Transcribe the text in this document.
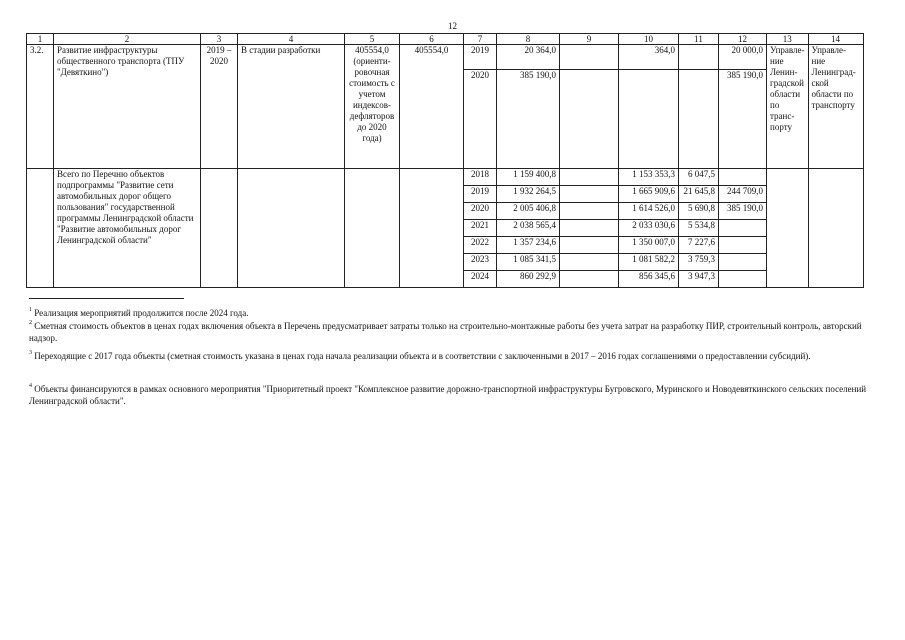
12
1	2	3	4	5	6	7	8	9	10	11	12	13	14
3.2.	Развитие инфраструктуры общественного транспорта (ТПУ "Девяткино")	2019 – 2020	В стадии разработки	405554,0 (ориенти-ровочная стоимость с учетом индексов-дефляторов до 2020 года)	405554,0	2019	20 364,0		364,0		20 000,0	Управле-ние Ленин-градской области по транс-порту	Управле-ние Ленинград-ской области по транспорту
						2020	385 190,0				385 190,0		
	Всего по Перечню объектов подпрограммы "Развитие сети автомобильных дорог общего пользования" государственной программы Ленинградской области "Развитие автомобильных дорог Ленинградской области"					2018	1 159 400,8		1 153 353,3	6 047,5			
						2019	1 932 264,5		1 665 909,6	21 645,8	244 709,0		
						2020	2 005 406,8		1 614 526,0	5 690,8	385 190,0		
						2021	2 038 565,4		2 033 030,6	5 534,8			
						2022	1 357 234,6		1 350 007,0	7 227,6			
						2023	1 085 341,5		1 081 582,2	3 759,3			
						2024	860 292,9		856 345,6	3 947,3			
$^1$ Реализация мероприятий продолжится после 2024 года.
$^2$ Сметная стоимость объектов в ценах годах включения объекта в Перечень предусматривает затраты только на строительно-монтажные работы без учета затрат на разработку ПИР, строительный контроль, авторский надзор.
$^3$ Переходящие с 2017 года объекты (сметная стоимость указана в ценах года начала реализации объекта и в соответствии с заключенными в 2017 – 2016 годах соглашениями о предоставлении субсидий).
$^4$ Объекты финансируются в рамках основного мероприятия "Приоритетный проект "Комплексное развитие дорожно-транспортной инфраструктуры Бугровского, Муринского и Новодевяткинского сельских поселений Ленинградской области".
